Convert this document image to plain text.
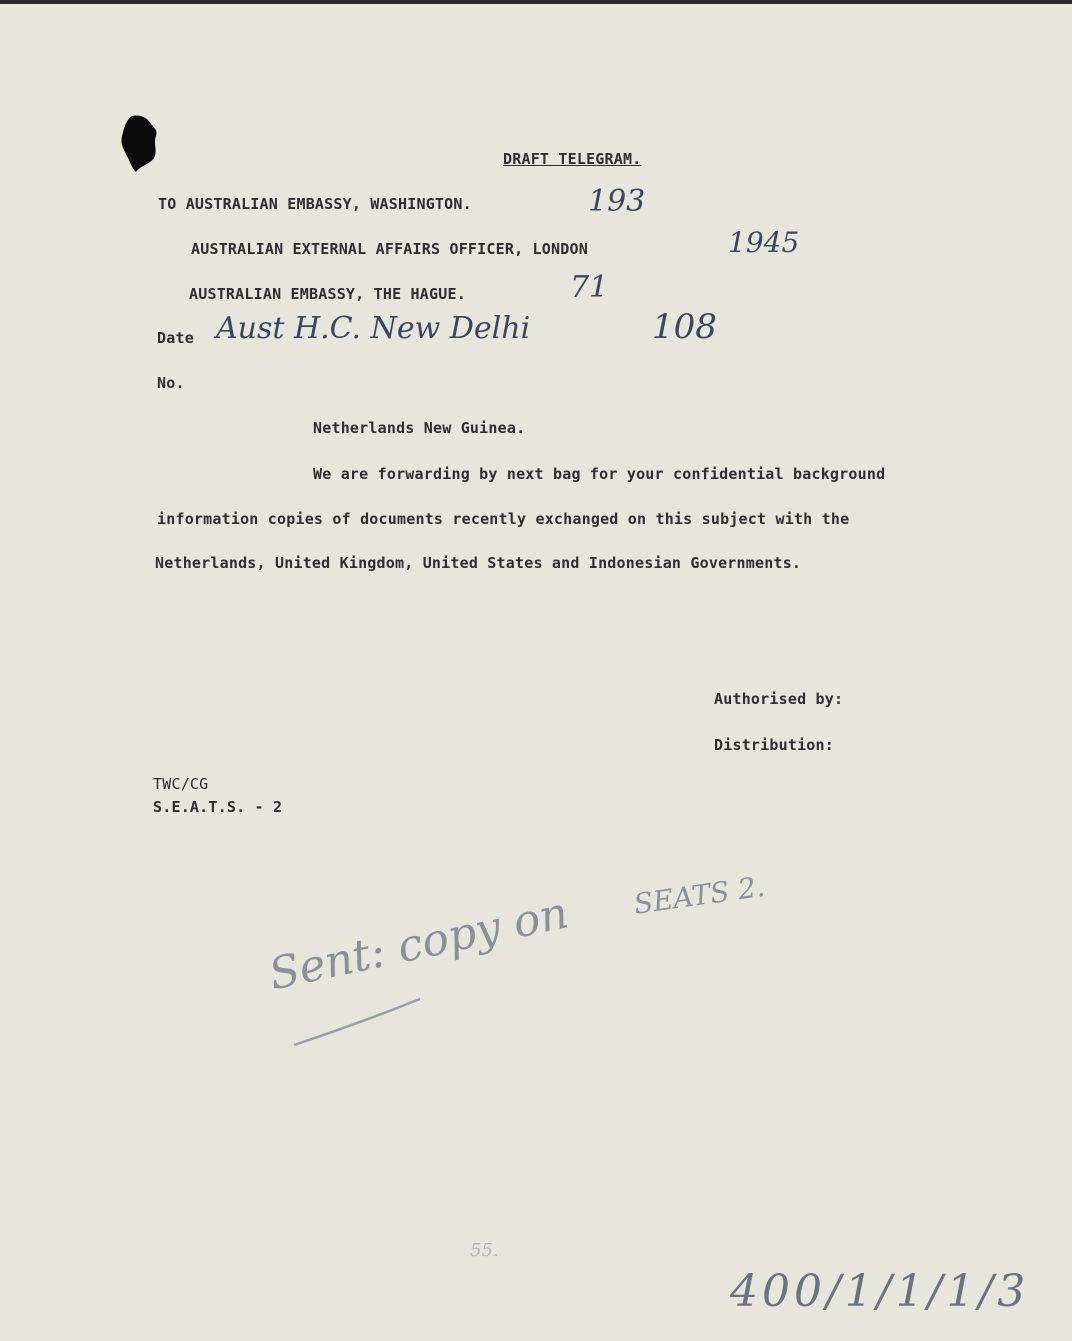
DRAFT TELEGRAM.
TO AUSTRALIAN EMBASSY, WASHINGTON.	193
AUSTRALIAN EXTERNAL AFFAIRS OFFICER, LONDON	1945
AUSTRALIAN EMBASSY, THE HAGUE.	71
Date Aust H.C. New Delhi	108
No.
Netherlands New Guinea.
We are forwarding by next bag for your confidential background
information copies of documents recently exchanged on this subject with the
Netherlands, United Kingdom, United States and Indonesian Governments.
Authorised by:
Distribution:
TWC/CG
S.E.A.T.S. - 2
Sent: copy on SEATS 2.
55.
400/1/1/1/3
